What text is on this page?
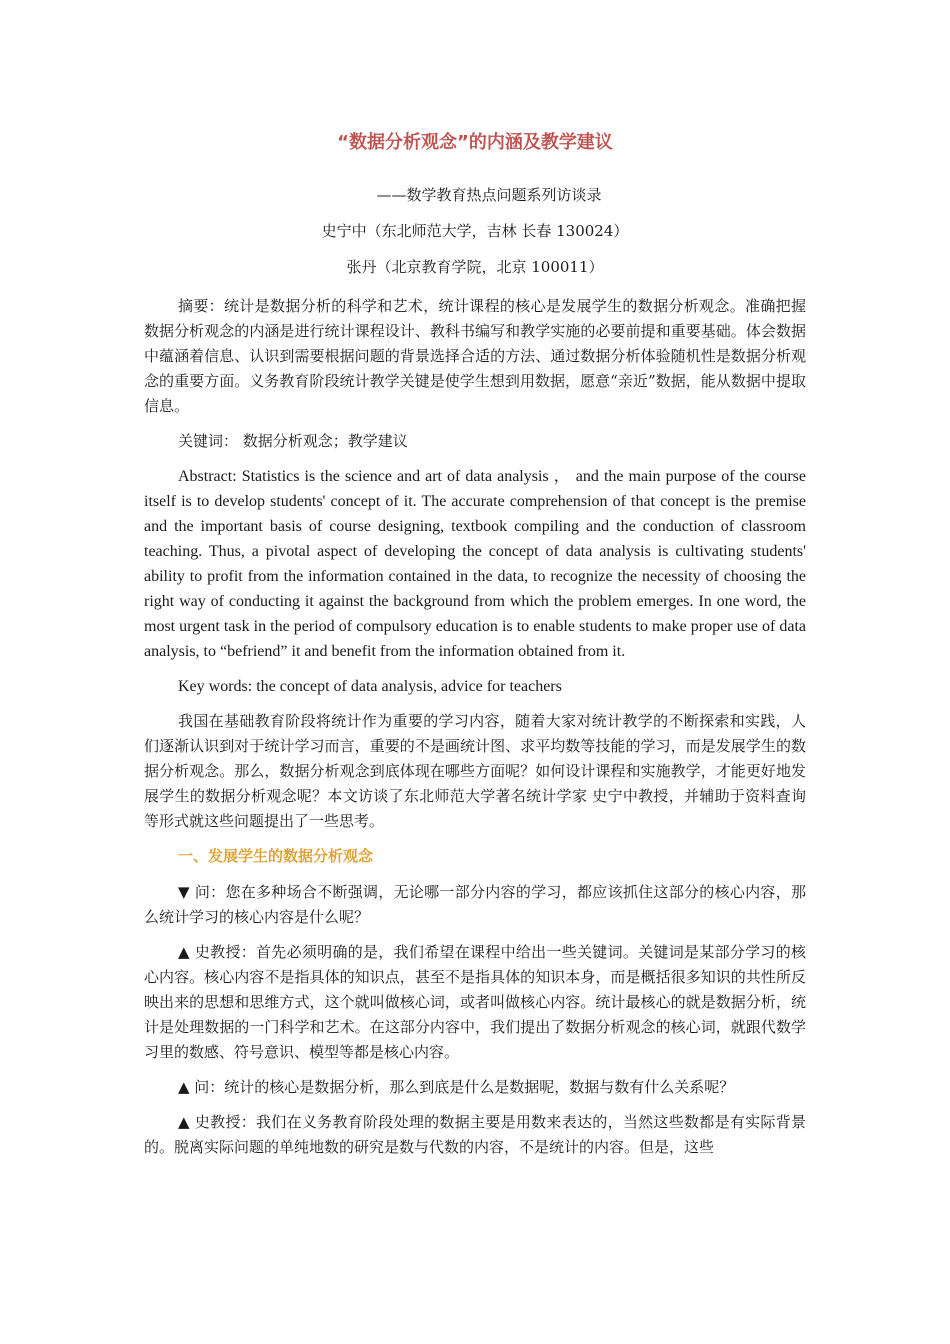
“数据分析观念”的内涵及教学建议
——数学教育热点问题系列访谈录
史宁中（东北师范大学，吉林 长春 130024）
张丹（北京教育学院，北京 100011）

摘要：统计是数据分析的科学和艺术，统计课程的核心是发展学生的数据分析观念。准确把握数据分析观念的内涵是进行统计课程设计、教科书编写和教学实施的必要前提和重要基础。体会数据中蕴涵着信息、认识到需要根据问题的背景选择合适的方法、通过数据分析体验随机性是数据分析观念的重要方面。义务教育阶段统计教学关键是使学生想到用数据，愿意“亲近”数据，能从数据中提取信息。

关键词： 数据分析观念；教学建议

Abstract: Statistics is the science and art of data analysis ， and the main purpose of the course itself is to develop students' concept of it. The accurate comprehension of that concept is the premise and the important basis of course designing, textbook compiling and the conduction of classroom teaching. Thus, a pivotal aspect of developing the concept of data analysis is cultivating students' ability to profit from the information contained in the data, to recognize the necessity of choosing the right way of conducting it against the background from which the problem emerges. In one word, the most urgent task in the period of compulsory education is to enable students to make proper use of data analysis, to “befriend” it and benefit from the information obtained from it.

Key words: the concept of data analysis, advice for teachers

我国在基础教育阶段将统计作为重要的学习内容，随着大家对统计教学的不断探索和实践，人们逐渐认识到对于统计学习而言，重要的不是画统计图、求平均数等技能的学习，而是发展学生的数据分析观念。那么，数据分析观念到底体现在哪些方面呢？如何设计课程和实施教学，才能更好地发展学生的数据分析观念呢？本文访谈了东北师范大学著名统计学家 史宁中教授，并辅助于资料查询等形式就这些问题提出了一些思考。

一、发展学生的数据分析观念

▼ 问：您在多种场合不断强调，无论哪一部分内容的学习，都应该抓住这部分的核心内容，那么统计学习的核心内容是什么呢？

▲ 史教授：首先必须明确的是，我们希望在课程中给出一些关键词。关键词是某部分学习的核心内容。核心内容不是指具体的知识点，甚至不是指具体的知识本身，而是概括很多知识的共性所反映出来的思想和思维方式，这个就叫做核心词，或者叫做核心内容。统计最核心的就是数据分析，统计是处理数据的一门科学和艺术。在这部分内容中，我们提出了数据分析观念的核心词，就跟代数学习里的数感、符号意识、模型等都是核心内容。

▲ 问：统计的核心是数据分析，那么到底是什么是数据呢，数据与数有什么关系呢？

▲ 史教授：我们在义务教育阶段处理的数据主要是用数来表达的，当然这些数都是有实际背景的。脱离实际问题的单纯地数的研究是数与代数的内容，不是统计的内容。但是，这些
